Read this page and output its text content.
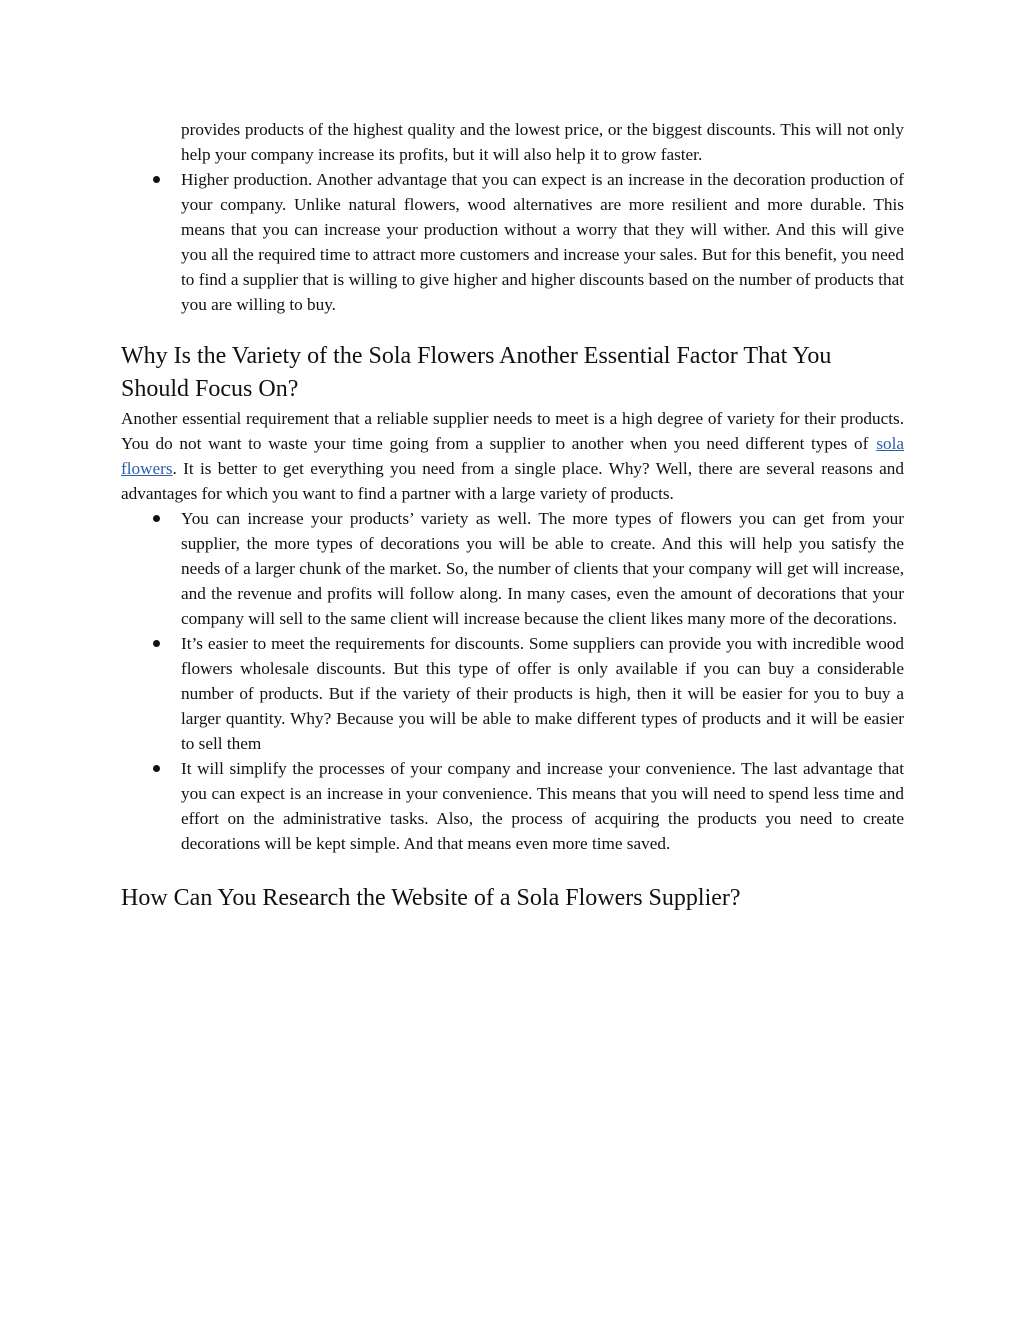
provides products of the highest quality and the lowest price, or the biggest discounts. This will not only help your company increase its profits, but it will also help it to grow faster.
Higher production. Another advantage that you can expect is an increase in the decoration production of your company. Unlike natural flowers, wood alternatives are more resilient and more durable. This means that you can increase your production without a worry that they will wither. And this will give you all the required time to attract more customers and increase your sales. But for this benefit, you need to find a supplier that is willing to give higher and higher discounts based on the number of products that you are willing to buy.
Why Is the Variety of the Sola Flowers Another Essential Factor That You Should Focus On?

Another essential requirement that a reliable supplier needs to meet is a high degree of variety for their products. You do not want to waste your time going from a supplier to another when you need different types of sola flowers. It is better to get everything you need from a single place. Why? Well, there are several reasons and advantages for which you want to find a partner with a large variety of products.

You can increase your products’ variety as well. The more types of flowers you can get from your supplier, the more types of decorations you will be able to create. And this will help you satisfy the needs of a larger chunk of the market. So, the number of clients that your company will get will increase, and the revenue and profits will follow along. In many cases, even the amount of decorations that your company will sell to the same client will increase because the client likes many more of the decorations.
It’s easier to meet the requirements for discounts. Some suppliers can provide you with incredible wood flowers wholesale discounts. But this type of offer is only available if you can buy a considerable number of products. But if the variety of their products is high, then it will be easier for you to buy a larger quantity. Why? Because you will be able to make different types of products and it will be easier to sell them
It will simplify the processes of your company and increase your convenience. The last advantage that you can expect is an increase in your convenience. This means that you will need to spend less time and effort on the administrative tasks. Also, the process of acquiring the products you need to create decorations will be kept simple. And that means even more time saved.
How Can You Research the Website of a Sola Flowers Supplier?
